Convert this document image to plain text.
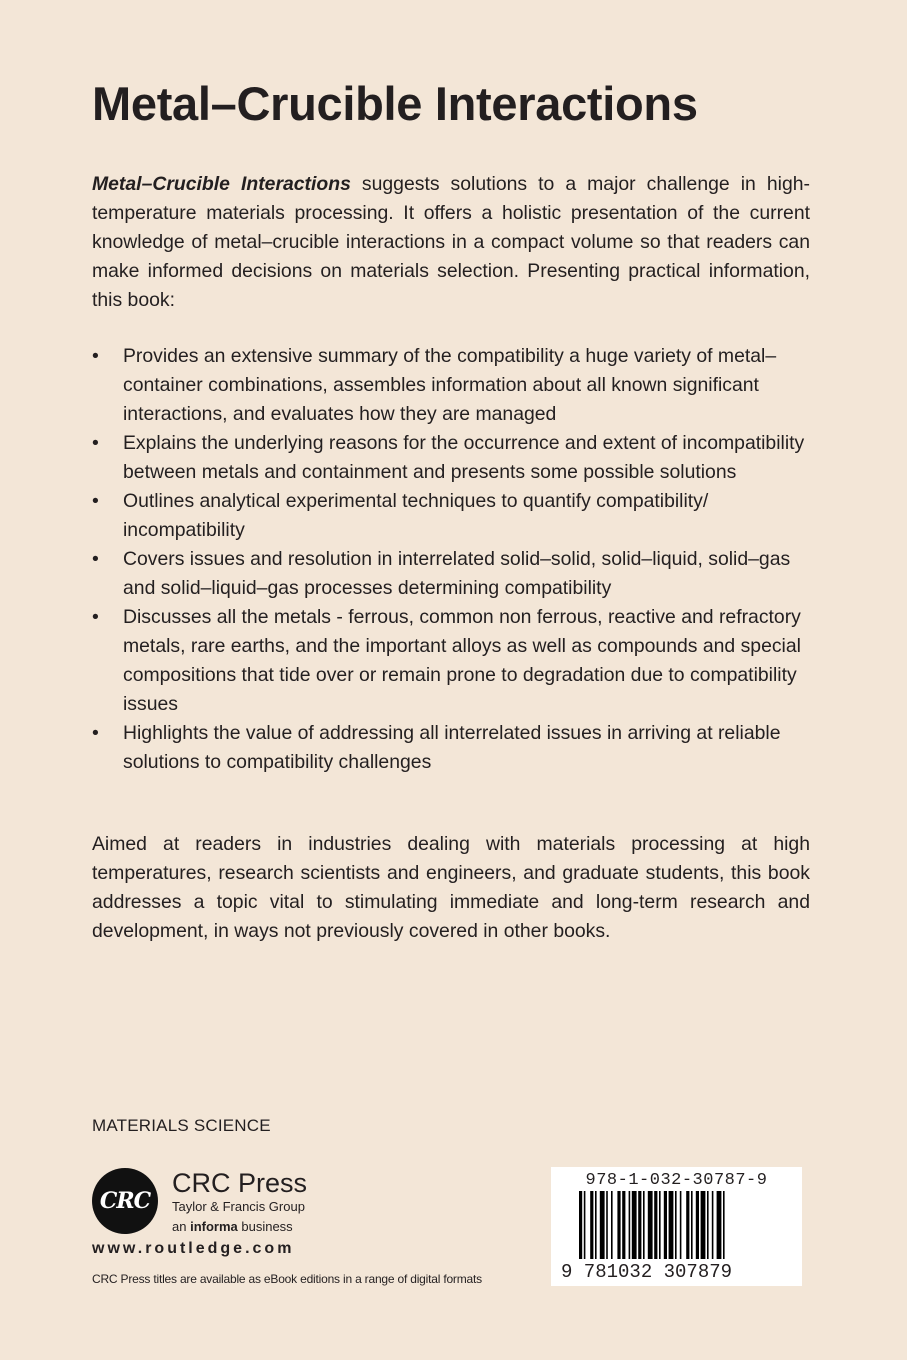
Metal–Crucible Interactions
Metal–Crucible Interactions suggests solutions to a major challenge in high-temperature materials processing. It offers a holistic presentation of the current knowledge of metal–crucible interactions in a compact volume so that readers can make informed decisions on materials selection. Presenting practical information, this book:
•	Provides an extensive summary of the compatibility a huge variety of metal–container combinations, assembles information about all known significant interactions, and evaluates how they are managed
•	Explains the underlying reasons for the occurrence and extent of incompatibility between metals and containment and presents some possible solutions
•	Outlines analytical experimental techniques to quantify compatibility/ incompatibility
•	Covers issues and resolution in interrelated solid–solid, solid–liquid, solid–gas and solid–liquid–gas processes determining compatibility
•	Discusses all the metals - ferrous, common non ferrous, reactive and refractory metals, rare earths, and the important alloys as well as compounds and special compositions that tide over or remain prone to degradation due to compatibility issues
•	Highlights the value of addressing all interrelated issues in arriving at reliable solutions to compatibility challenges
Aimed at readers in industries dealing with materials processing at high temperatures, research scientists and engineers, and graduate students, this book addresses a topic vital to stimulating immediate and long-term research and development, in ways not previously covered in other books.
MATERIALS SCIENCE
CRC
CRC Press
Taylor & Francis Group
an informa business
www.routledge.com
CRC Press titles are available as eBook editions in a range of digital formats
978-1-032-30787-9
9 781032 307879
